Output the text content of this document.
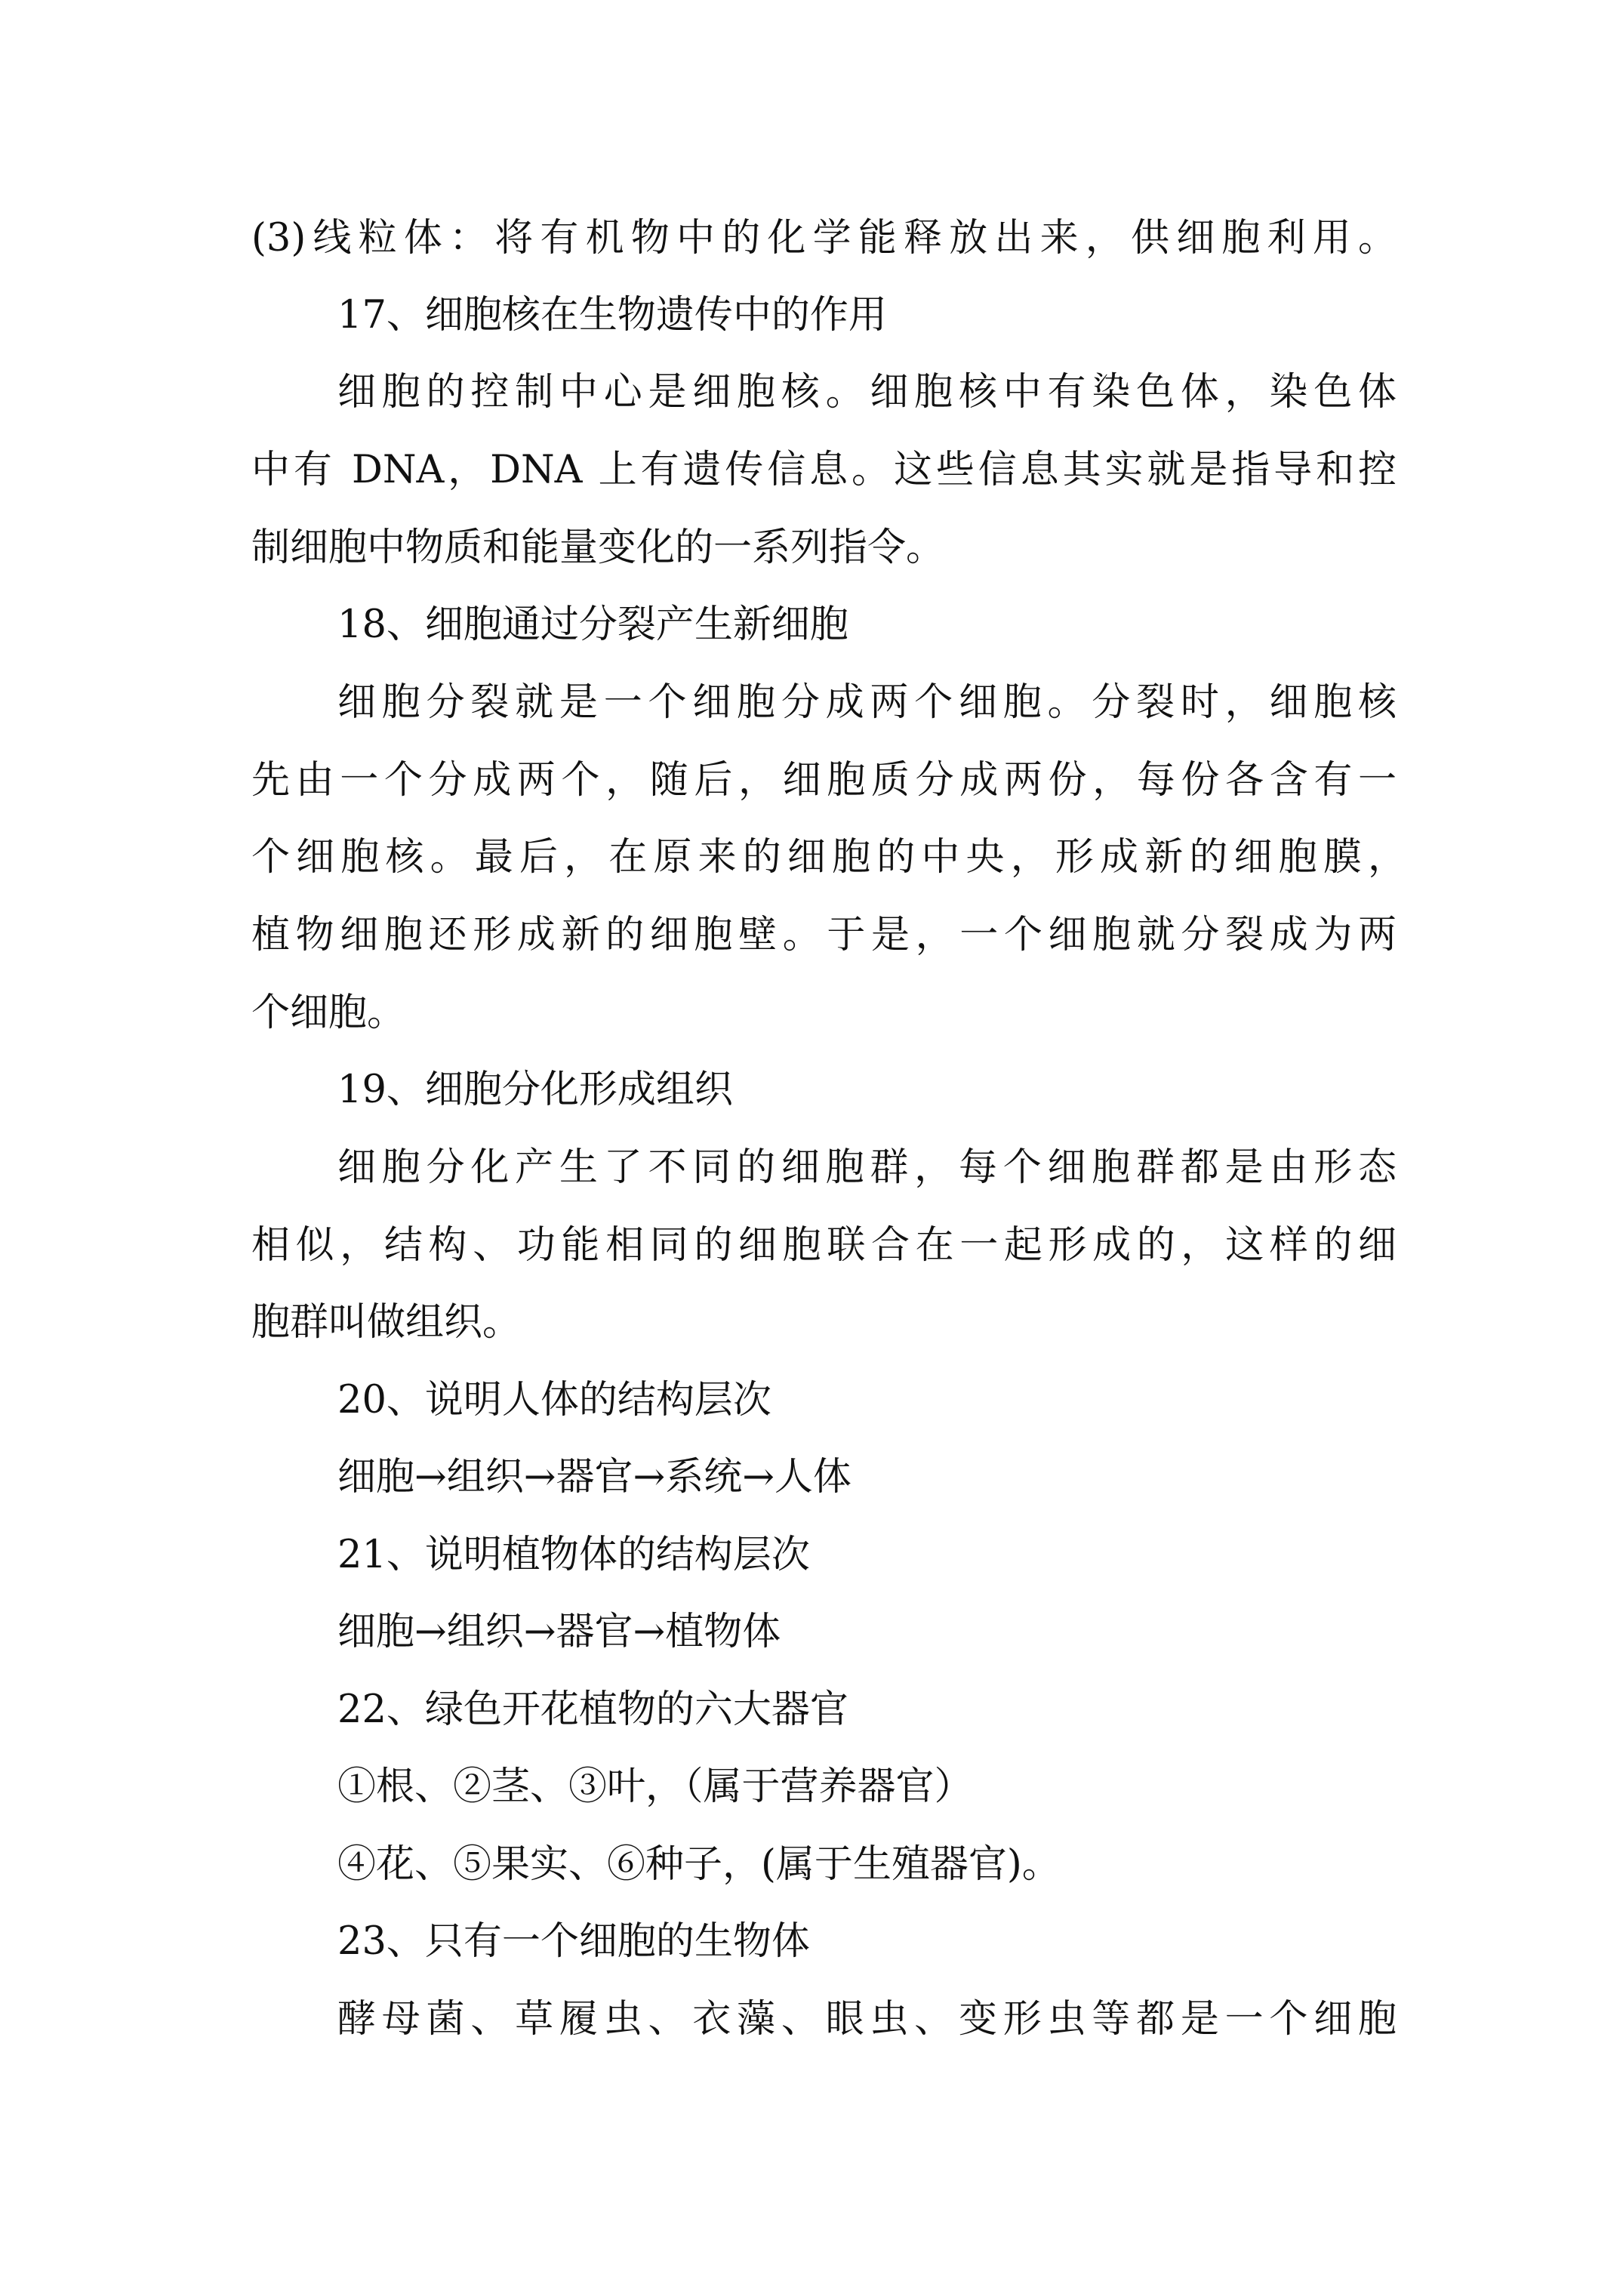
(3)线粒体：将有机物中的化学能释放出来，供细胞利用。
17、细胞核在生物遗传中的作用
细胞的控制中心是细胞核。细胞核中有染色体，染色体
中有 DNA，DNA 上有遗传信息。这些信息其实就是指导和控
制细胞中物质和能量变化的一系列指令。
18、细胞通过分裂产生新细胞
细胞分裂就是一个细胞分成两个细胞。分裂时，细胞核
先由一个分成两个，随后，细胞质分成两份，每份各含有一
个细胞核。最后，在原来的细胞的中央，形成新的细胞膜，
植物细胞还形成新的细胞壁。于是，一个细胞就分裂成为两
个细胞。
19、细胞分化形成组织
细胞分化产生了不同的细胞群，每个细胞群都是由形态
相似，结构、功能相同的细胞联合在一起形成的，这样的细
胞群叫做组织。
20、说明人体的结构层次
细胞→组织→器官→系统→人体
21、说明植物体的结构层次
细胞→组织→器官→植物体
22、绿色开花植物的六大器官
①根、②茎、③叶，（属于营养器官）
④花、⑤果实、⑥种子，(属于生殖器官)。
23、只有一个细胞的生物体
酵母菌、草履虫、衣藻、眼虫、变形虫等都是一个细胞
